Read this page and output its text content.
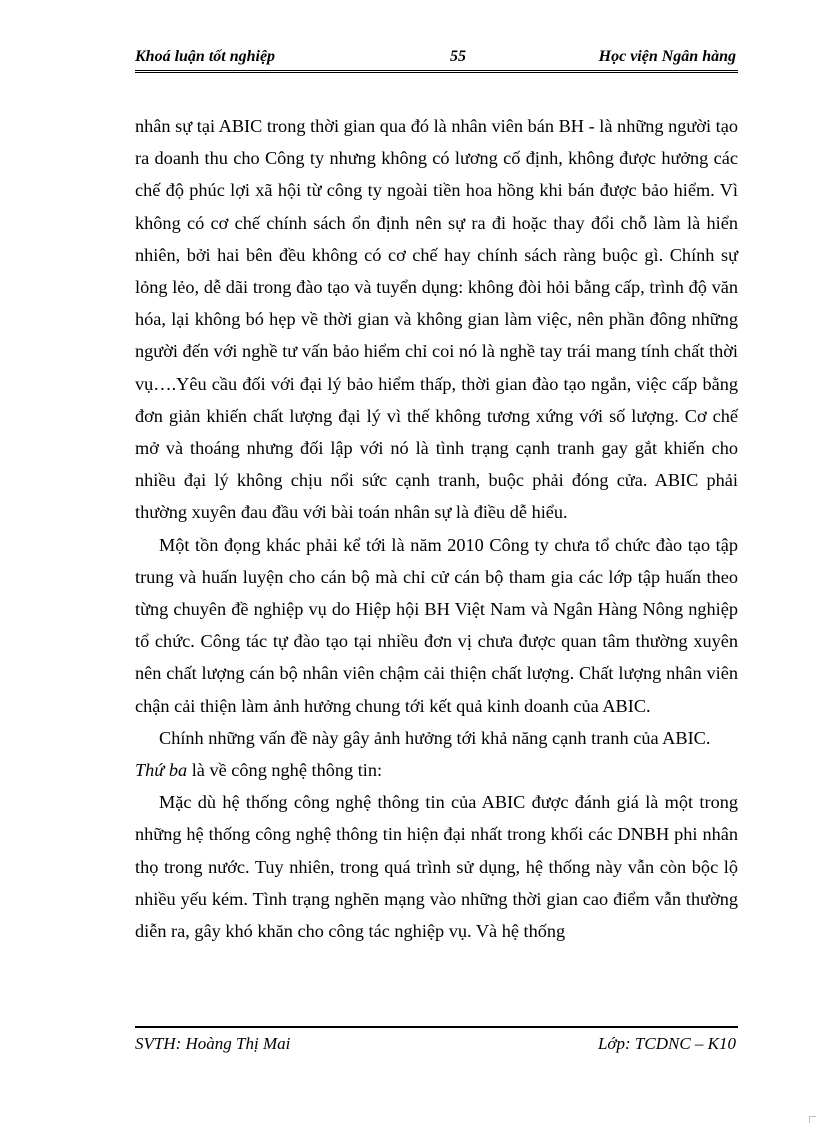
Khoá luận tốt nghiệp	55	Học viện Ngân hàng

nhân sự tại ABIC trong thời gian qua đó là nhân viên bán BH - là những người tạo ra doanh thu cho Công ty nhưng không có lương cố định, không được hưởng các chế độ phúc lợi xã hội từ công ty ngoài tiền hoa hồng khi bán được bảo hiểm. Vì không có cơ chế chính sách ổn định nên sự ra đi hoặc thay đổi chỗ làm là hiển nhiên, bởi hai bên đều không có cơ chế hay chính sách ràng buộc gì. Chính sự lỏng lẻo, dễ dãi trong đào tạo và tuyển dụng: không đòi hỏi bằng cấp, trình độ văn hóa, lại không bó hẹp về thời gian và không gian làm việc, nên phần đông những người đến với nghề tư vấn bảo hiểm chỉ coi nó là nghề tay trái mang tính chất thời vụ….Yêu cầu đối với đại lý bảo hiểm thấp, thời gian đào tạo ngắn, việc cấp bằng đơn giản khiến chất lượng đại lý vì thế không tương xứng với số lượng. Cơ chế mở và thoáng nhưng đối lập với nó là tình trạng cạnh tranh gay gắt khiến cho nhiều đại lý không chịu nổi sức cạnh tranh, buộc phải đóng cửa. ABIC phải thường xuyên đau đầu với bài toán nhân sự là điều dễ hiểu.

Một tồn đọng khác phải kể tới là năm 2010 Công ty chưa tổ chức đào tạo tập trung và huấn luyện cho cán bộ mà chỉ cử cán bộ tham gia các lớp tập huấn theo từng chuyên đề nghiệp vụ do Hiệp hội BH Việt Nam và Ngân Hàng Nông nghiệp tổ chức. Công tác tự đào tạo tại nhiều đơn vị chưa được quan tâm thường xuyên nên chất lượng cán bộ nhân viên chậm cải thiện chất lượng. Chất lượng nhân viên chận cải thiện làm ảnh hưởng chung tới kết quả kinh doanh của ABIC.

Chính những vấn đề này gây ảnh hưởng tới khả năng cạnh tranh của ABIC.

Thứ ba là về công nghệ thông tin:

Mặc dù hệ thống công nghệ thông tin của ABIC được đánh giá là một trong những hệ thống công nghệ thông tin hiện đại nhất trong khối các DNBH phi nhân thọ trong nước. Tuy nhiên, trong quá trình sử dụng, hệ thống này vẫn còn bộc lộ nhiều yếu kém. Tình trạng nghẽn mạng vào những thời gian cao điểm vẫn thường diễn ra, gây khó khăn cho công tác nghiệp vụ. Và hệ thống

SVTH: Hoàng Thị Mai	Lớp: TCDNC – K10
